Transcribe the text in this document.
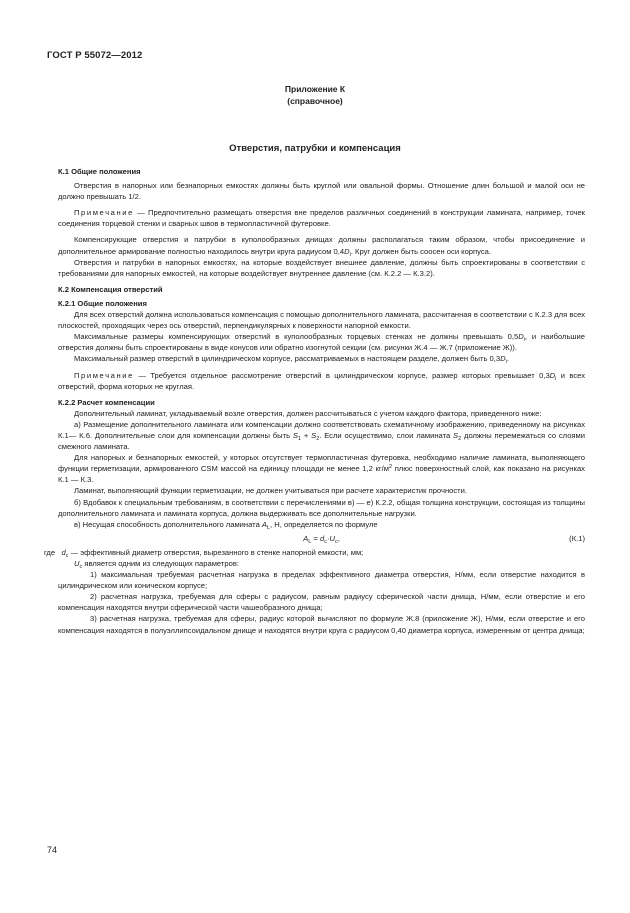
ГОСТ Р 55072—2012
Приложение К
(справочное)
Отверстия, патрубки и компенсация

К.1 Общие положения

Отверстия в напорных или безнапорных емкостях должны быть круглой или овальной формы. Отношение длин большой и малой оси не должно превышать 1/2.

Примечание — Предпочтительно размещать отверстия вне пределов различных соединений в конструкции ламината, например, точек соединения торцевой стенки и сварных швов в термопластичной футеровке.

Компенсирующие отверстия и патрубки в куполообразных днищах должны располагаться таким образом, чтобы присоединение и дополнительное армирование полностью находилось внутри круга радиусом $0,4D_i$. Круг должен быть соосен оси корпуса.

Отверстия и патрубки в напорных емкостях, на которые воздействует внешнее давление, должны быть спроектированы в соответствии с требованиями для напорных емкостей, на которые воздействует внутреннее давление (см. К.2.2 — К.3.2).

К.2 Компенсация отверстий

К.2.1 Общие положения

Для всех отверстий должна использоваться компенсация с помощью дополнительного ламината, рассчитанная в соответствии с К.2.3 для всех плоскостей, проходящих через ось отверстий, перпендикулярных к поверхности напорной емкости.

Максимальные размеры компенсирующих отверстий в куполообразных торцевых стенках не должны превышать $0,5D_i$, и наибольшие отверстия должны быть спроектированы в виде конусов или обратно изогнутой секции (см. рисунки Ж.4 — Ж.7 (приложение Ж)).

Максимальный размер отверстий в цилиндрическом корпусе, рассматриваемых в настоящем разделе, должен быть $0,3D_i$.

Примечание — Требуется отдельное рассмотрение отверстий в цилиндрическом корпусе, размер которых превышает $0,3D_i$ и всех отверстий, форма которых не круглая.

К.2.2 Расчет компенсации

Дополнительный ламинат, укладываемый возле отверстия, должен рассчитываться с учетом каждого фактора, приведенного ниже:

а) Размещение дополнительного ламината или компенсации должно соответствовать схематичному изображению, приведенному на рисунках К.1— К.6. Дополнительные слои для компенсации должны быть $S_1 + S_2$. Если осуществимо, слои ламината $S_2$ должны перемежаться со слоями смежного ламината.

Для напорных и безнапорных емкостей, у которых отсутствует термопластичная футеровка, необходимо наличие ламината, выполняющего функции герметизации, армированного CSM массой на единицу площади не менее 1,2 $кг/м^2$ плюс поверхностный слой, как показано на рисунках К.1 — К.3.

Ламинат, выполняющий функции герметизации, не должен учитываться при расчете характеристик прочности.

б) Вдобавок к специальным требованиям, в соответствии с перечислениями в) — е) К.2.2, общая толщина конструкции, состоящая из толщины дополнительного ламината и ламината корпуса, должна выдерживать все дополнительные нагрузки.

в) Несущая способность дополнительного ламината $A_L$, Н, определяется по формуле

$A_L = d_c\cdot U_c$,	(К.1)

где $d_c$ — эффективный диаметр отверстия, вырезанного в стенке напорной емкости, мм;

$U_c$ является одним из следующих параметров:

1) максимальная требуемая расчетная нагрузка в пределах эффективного диаметра отверстия, Н/мм, если отверстие находится в цилиндрическом или коническом корпусе;

2) расчетная нагрузка, требуемая для сферы с радиусом, равным радиусу сферической части днища, Н/мм, если отверстие и его компенсация находятся внутри сферической части чашеобразного днища;

3) расчетная нагрузка, требуемая для сферы, радиус которой вычисляют по формуле Ж.8 (приложение Ж), Н/мм, если отверстие и его компенсация находятся в полуэллипсоидальном днище и находятся внутри круга с радиусом 0,40 диаметра корпуса, измеренным от центра днища;

74
